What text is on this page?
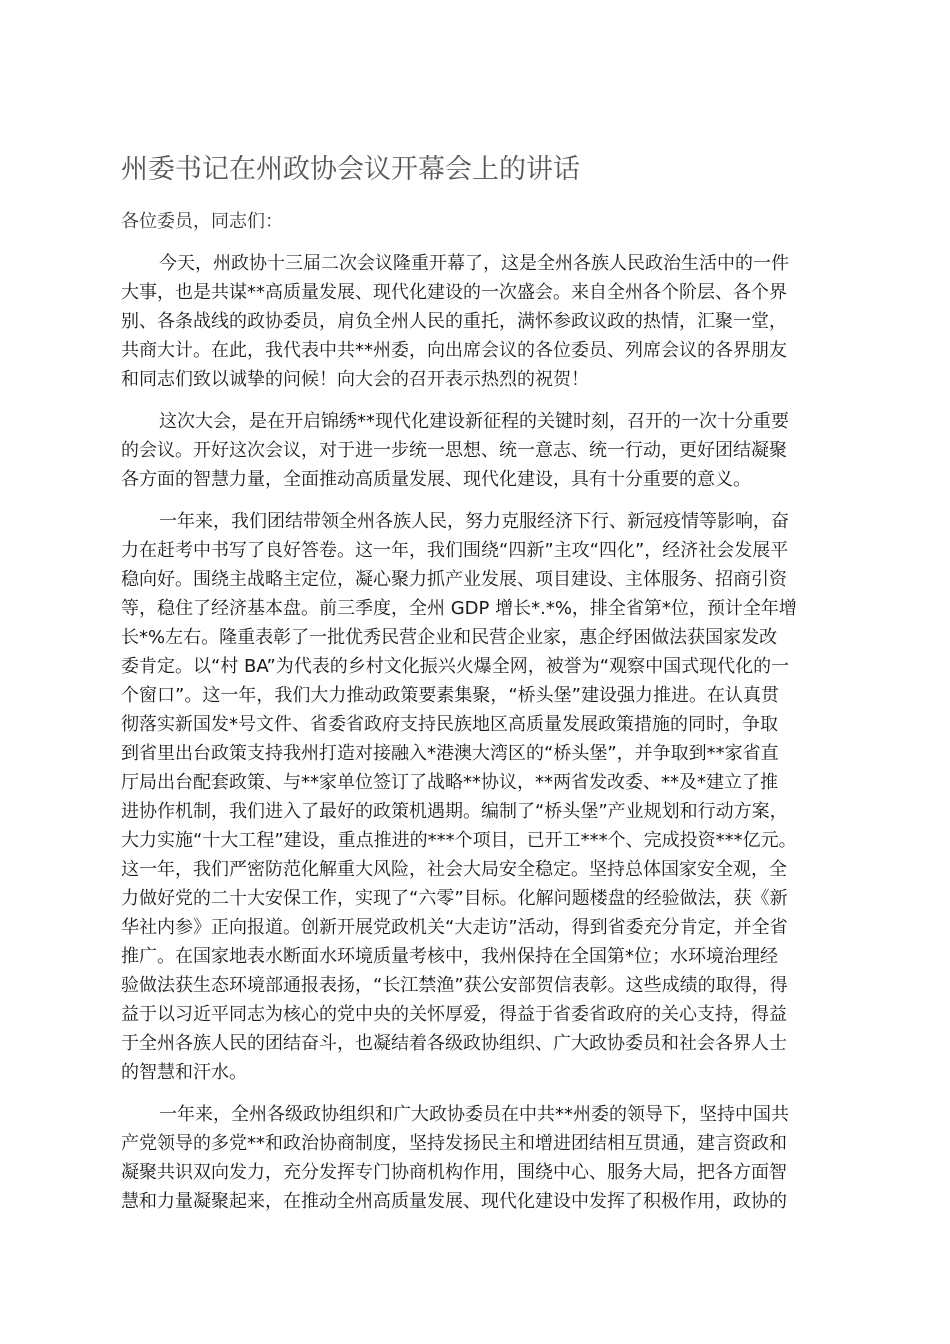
州委书记在州政协会议开幕会上的讲话

各位委员，同志们：

今天，州政协十三届二次会议隆重开幕了，这是全州各族人民政治生活中的一件
大事，也是共谋**高质量发展、现代化建设的一次盛会。来自全州各个阶层、各个界
别、各条战线的政协委员，肩负全州人民的重托，满怀参政议政的热情，汇聚一堂，
共商大计。在此，我代表中共**州委，向出席会议的各位委员、列席会议的各界朋友
和同志们致以诚挚的问候！向大会的召开表示热烈的祝贺！
这次大会，是在开启锦绣**现代化建设新征程的关键时刻，召开的一次十分重要
的会议。开好这次会议，对于进一步统一思想、统一意志、统一行动，更好团结凝聚
各方面的智慧力量，全面推动高质量发展、现代化建设，具有十分重要的意义。
一年来，我们团结带领全州各族人民，努力克服经济下行、新冠疫情等影响，奋
力在赶考中书写了良好答卷。这一年，我们围绕“四新”主攻“四化”，经济社会发展平
稳向好。围绕主战略主定位，凝心聚力抓产业发展、项目建设、主体服务、招商引资
等，稳住了经济基本盘。前三季度，全州 GDP 增长*.*%，排全省第*位，预计全年增
长*%左右。隆重表彰了一批优秀民营企业和民营企业家，惠企纾困做法获国家发改
委肯定。以“村 BA”为代表的乡村文化振兴火爆全网，被誉为“观察中国式现代化的一
个窗口”。这一年，我们大力推动政策要素集聚，“桥头堡”建设强力推进。在认真贯
彻落实新国发*号文件、省委省政府支持民族地区高质量发展政策措施的同时，争取
到省里出台政策支持我州打造对接融入*港澳大湾区的“桥头堡”，并争取到**家省直
厅局出台配套政策、与**家单位签订了战略**协议，**两省发改委、**及*建立了推
进协作机制，我们进入了最好的政策机遇期。编制了“桥头堡”产业规划和行动方案，
大力实施“十大工程”建设，重点推进的***个项目，已开工***个、完成投资***亿元。
这一年，我们严密防范化解重大风险，社会大局安全稳定。坚持总体国家安全观，全
力做好党的二十大安保工作，实现了“六零”目标。化解问题楼盘的经验做法，获《新
华社内参》正向报道。创新开展党政机关“大走访”活动，得到省委充分肯定，并全省
推广。在国家地表水断面水环境质量考核中，我州保持在全国第*位；水环境治理经
验做法获生态环境部通报表扬，“长江禁渔”获公安部贺信表彰。这些成绩的取得，得
益于以习近平同志为核心的党中央的关怀厚爱，得益于省委省政府的关心支持，得益
于全州各族人民的团结奋斗，也凝结着各级政协组织、广大政协委员和社会各界人士
的智慧和汗水。
一年来，全州各级政协组织和广大政协委员在中共**州委的领导下，坚持中国共
产党领导的多党**和政治协商制度，坚持发扬民主和增进团结相互贯通，建言资政和
凝聚共识双向发力，充分发挥专门协商机构作用，围绕中心、服务大局，把各方面智
慧和力量凝聚起来，在推动全州高质量发展、现代化建设中发挥了积极作用，政协的
